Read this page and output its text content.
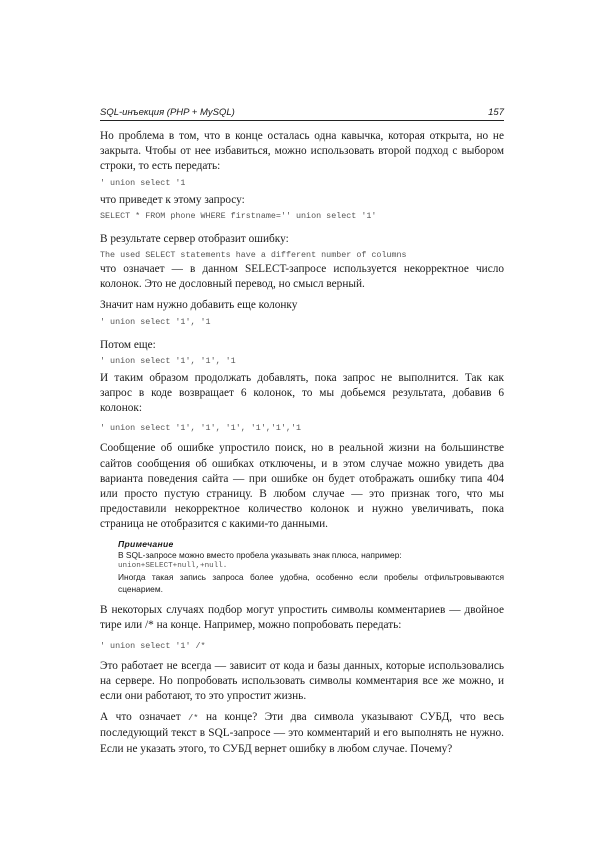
SQL-инъекция (PHP + MySQL)	157

Но проблема в том, что в конце осталась одна кавычка, которая открыта, но не закрыта. Чтобы от нее избавиться, можно использовать второй подход с выбором строки, то есть передать:

' union select '1

что приведет к этому запросу:

SELECT * FROM phone WHERE firstname='' union select '1'

В результате сервер отобразит ошибку:

The used SELECT statements have a different number of columns

что означает — в данном SELECT-запросе используется некорректное число колонок. Это не дословный перевод, но смысл верный.

Значит нам нужно добавить еще колонку

' union select '1', '1

Потом еще:

' union select '1', '1', '1

И таким образом продолжать добавлять, пока запрос не выполнится. Так как запрос в коде возвращает 6 колонок, то мы добьемся результата, добавив 6 колонок:

' union select '1', '1', '1', '1','1','1

Сообщение об ошибке упростило поиск, но в реальной жизни на большинстве сайтов сообщения об ошибках отключены, и в этом случае можно увидеть два варианта поведения сайта — при ошибке он будет отображать ошибку типа 404 или просто пустую страницу. В любом случае — это признак того, что мы предоставили некорректное количество колонок и нужно увеличивать, пока страница не отобразится с какими-то данными.

Примечание

В SQL-запросе можно вместо пробела указывать знак плюса, например:

union+SELECT+null,+null.

Иногда такая запись запроса более удобна, особенно если пробелы отфильтровываются сценарием.

В некоторых случаях подбор могут упростить символы комментариев — двойное тире или /* на конце. Например, можно попробовать передать:

' union select '1' /*

Это работает не всегда — зависит от кода и базы данных, которые использовались на сервере. Но попробовать использовать символы комментария все же можно, и если они работают, то это упростит жизнь.

А что означает /* на конце? Эти два символа указывают СУБД, что весь последующий текст в SQL-запросе — это комментарий и его выполнять не нужно. Если не указать этого, то СУБД вернет ошибку в любом случае. Почему?
